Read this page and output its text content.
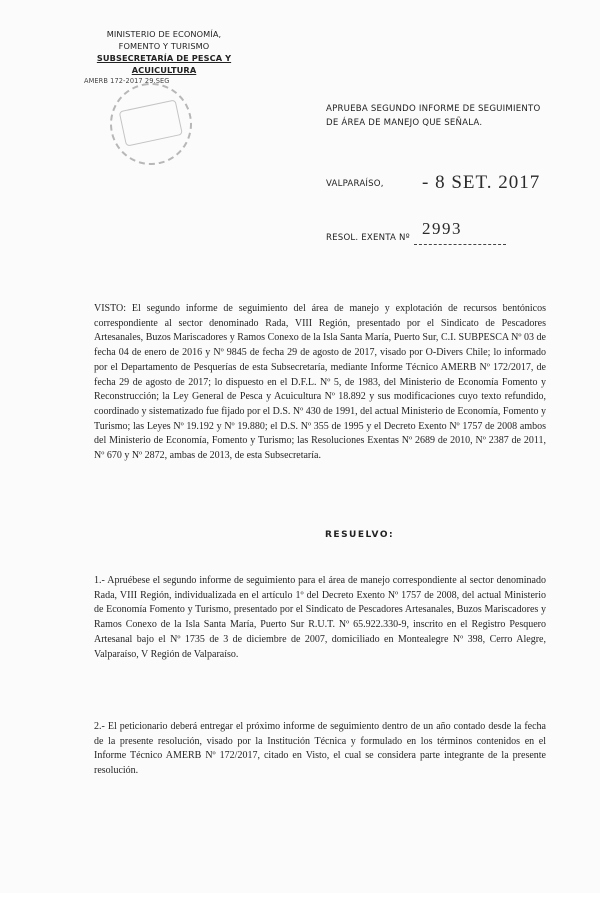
MINISTERIO DE ECONOMÍA,
FOMENTO Y TURISMO
SUBSECRETARÍA DE PESCA Y ACUICULTURA
AMERB 172-2017 29.SEG
APRUEBA SEGUNDO INFORME DE SEGUIMIENTO
DE ÁREA DE MANEJO QUE SEÑALA.
VALPARAÍSO, - 8 SET. 2017
RESOL. EXENTA Nº 2993

VISTO: El segundo informe de seguimiento del área de manejo y explotación de recursos bentónicos correspondiente al sector denominado Rada, VIII Región, presentado por el Sindicato de Pescadores Artesanales, Buzos Mariscadores y Ramos Conexo de la Isla Santa María, Puerto Sur, C.I. SUBPESCA Nº 03 de fecha 04 de enero de 2016 y Nº 9845 de fecha 29 de agosto de 2017, visado por O-Divers Chile; lo informado por el Departamento de Pesquerías de esta Subsecretaría, mediante Informe Técnico AMERB Nº 172/2017, de fecha 29 de agosto de 2017; lo dispuesto en el D.F.L. Nº 5, de 1983, del Ministerio de Economía Fomento y Reconstrucción; la Ley General de Pesca y Acuicultura Nº 18.892 y sus modificaciones cuyo texto refundido, coordinado y sistematizado fue fijado por el D.S. Nº 430 de 1991, del actual Ministerio de Economía, Fomento y Turismo; las Leyes Nº 19.192 y Nº 19.880; el D.S. Nº 355 de 1995 y el Decreto Exento Nº 1757 de 2008 ambos del Ministerio de Economía, Fomento y Turismo; las Resoluciones Exentas Nº 2689 de 2010, Nº 2387 de 2011, Nº 670 y Nº 2872, ambas de 2013, de esta Subsecretaría.

RESUELVO:

1.- Apruébese el segundo informe de seguimiento para el área de manejo correspondiente al sector denominado Rada, VIII Región, individualizada en el artículo 1º del Decreto Exento Nº 1757 de 2008, del actual Ministerio de Economía Fomento y Turismo, presentado por el Sindicato de Pescadores Artesanales, Buzos Mariscadores y Ramos Conexo de la Isla Santa María, Puerto Sur R.U.T. Nº 65.922.330-9, inscrito en el Registro Pesquero Artesanal bajo el Nº 1735 de 3 de diciembre de 2007, domiciliado en Montealegre Nº 398, Cerro Alegre, Valparaíso, V Región de Valparaíso.

2.- El peticionario deberá entregar el próximo informe de seguimiento dentro de un año contado desde la fecha de la presente resolución, visado por la Institución Técnica y formulado en los términos contenidos en el Informe Técnico AMERB Nº 172/2017, citado en Visto, el cual se considera parte integrante de la presente resolución.
